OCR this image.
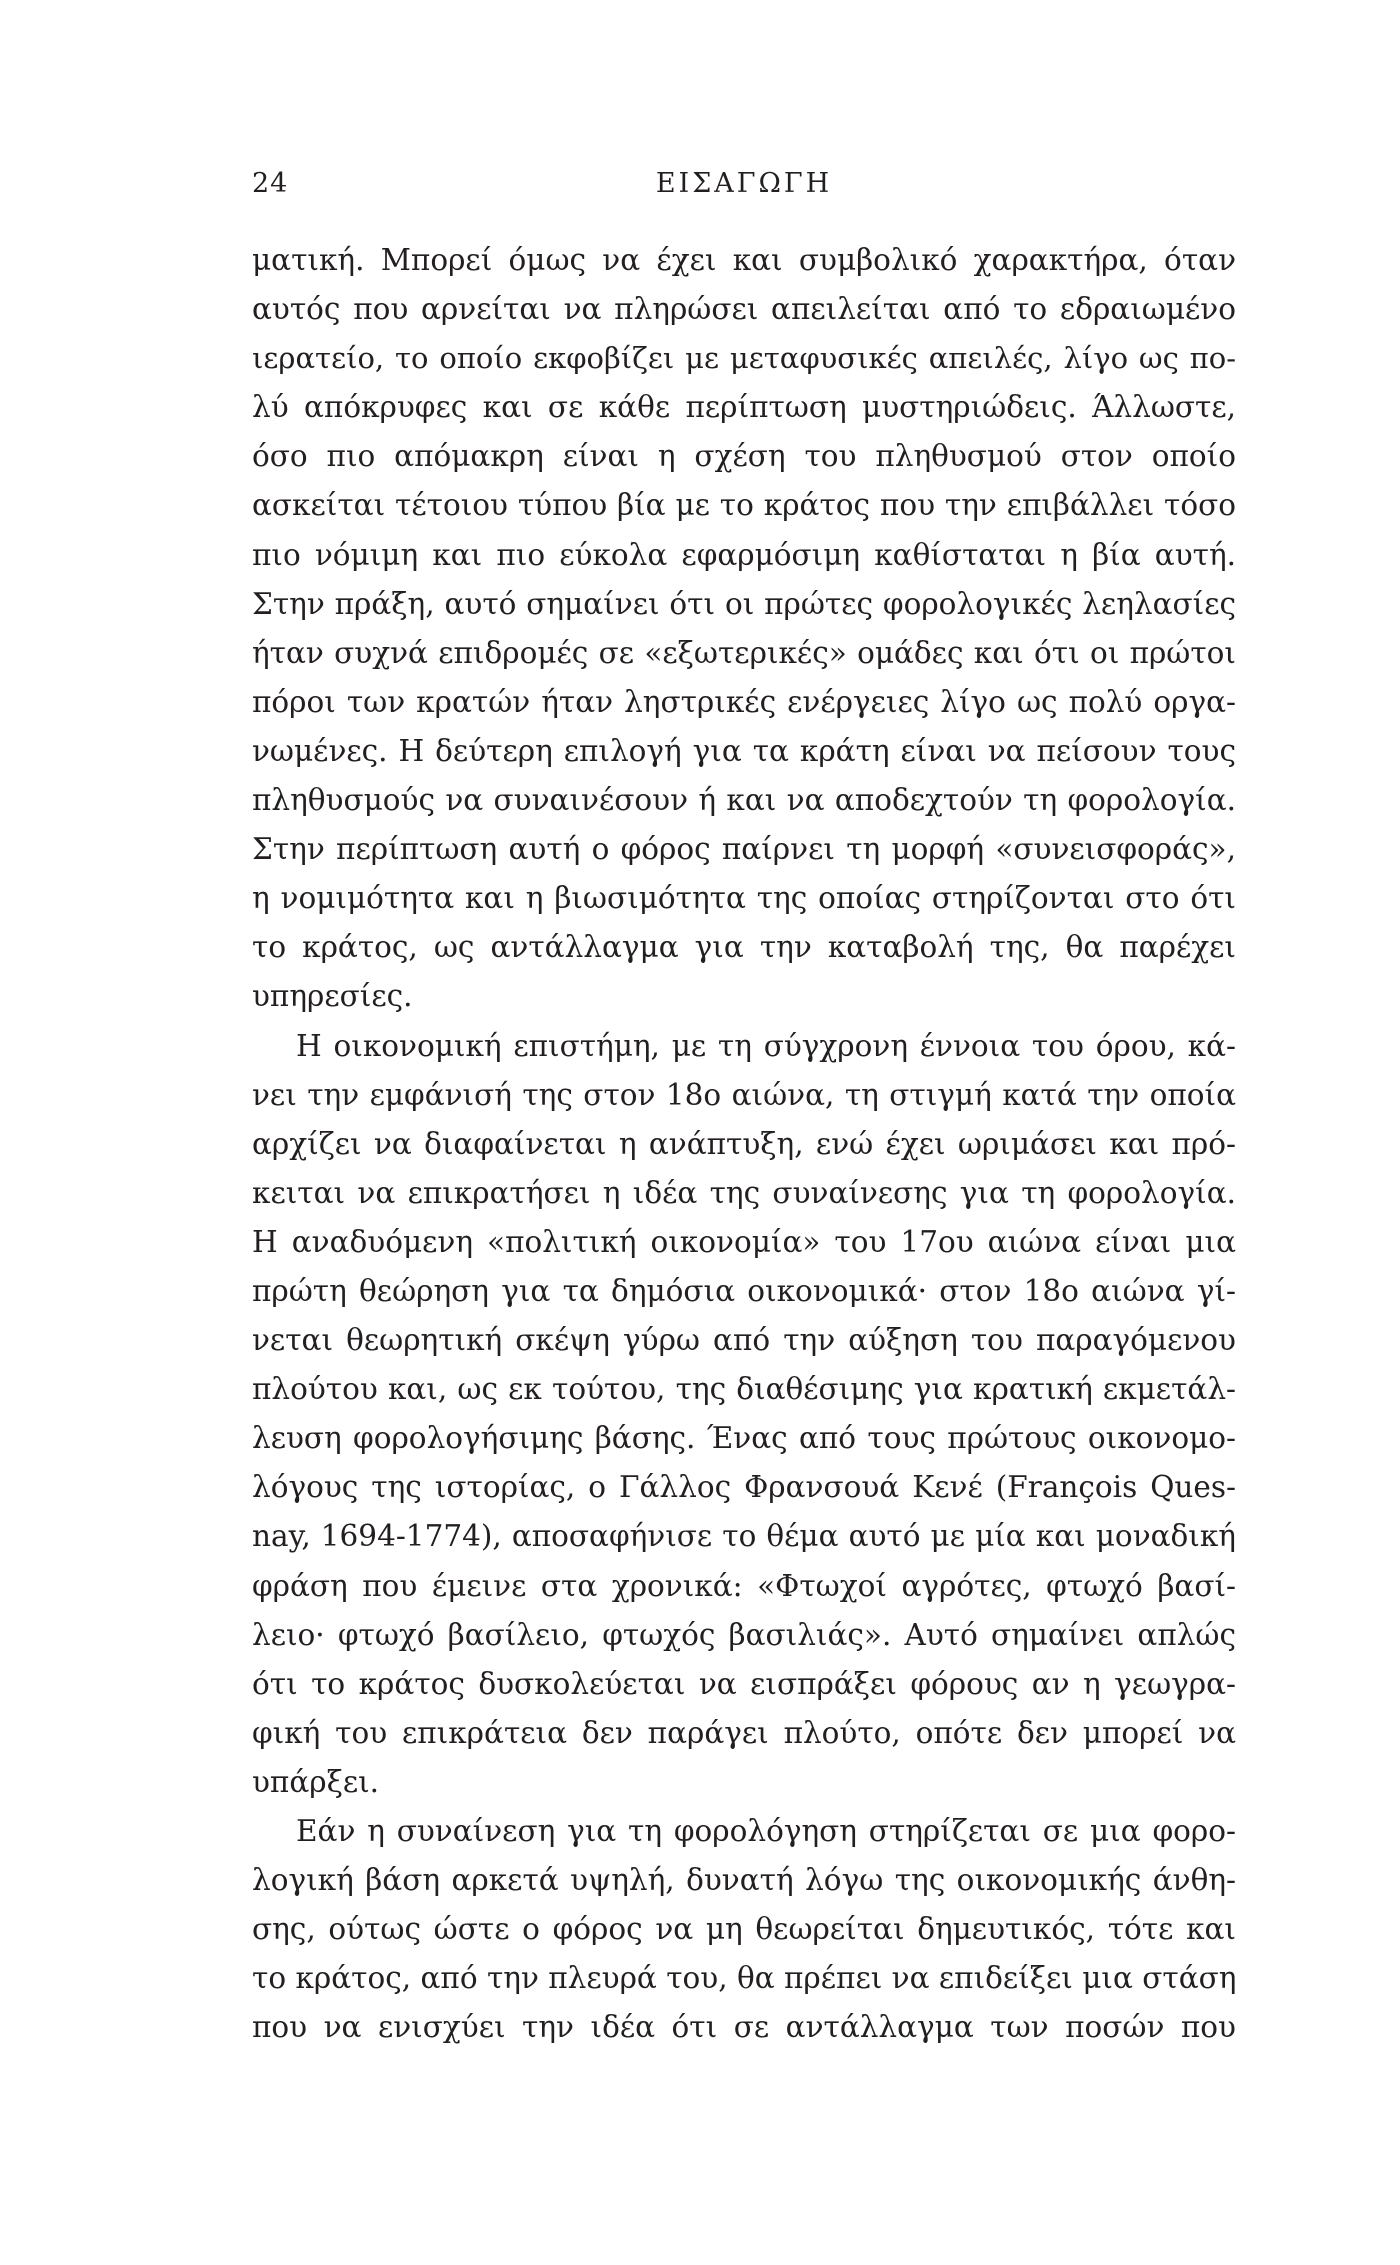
24	ΕΙΣΑΓΩΓΗ
ματική. Μπορεί όμως να έχει και συμβολικό χαρακτήρα, όταν
αυτός που αρνείται να πληρώσει απειλείται από το εδραιωμένο
ιερατείο, το οποίο εκφοβίζει με μεταφυσικές απειλές, λίγο ως πο-
λύ απόκρυφες και σε κάθε περίπτωση μυστηριώδεις. Άλλωστε,
όσο πιο απόμακρη είναι η σχέση του πληθυσμού στον οποίο
ασκείται τέτοιου τύπου βία με το κράτος που την επιβάλλει τόσο
πιο νόμιμη και πιο εύκολα εφαρμόσιμη καθίσταται η βία αυτή.
Στην πράξη, αυτό σημαίνει ότι οι πρώτες φορολογικές λεηλασίες
ήταν συχνά επιδρομές σε «εξωτερικές» ομάδες και ότι οι πρώτοι
πόροι των κρατών ήταν ληστρικές ενέργειες λίγο ως πολύ οργα-
νωμένες. Η δεύτερη επιλογή για τα κράτη είναι να πείσουν τους
πληθυσμούς να συναινέσουν ή και να αποδεχτούν τη φορολογία.
Στην περίπτωση αυτή ο φόρος παίρνει τη μορφή «συνεισφοράς»,
η νομιμότητα και η βιωσιμότητα της οποίας στηρίζονται στο ότι
το κράτος, ως αντάλλαγμα για την καταβολή της, θα παρέχει
υπηρεσίες.
Η οικονομική επιστήμη, με τη σύγχρονη έννοια του όρου, κά-
νει την εμφάνισή της στον 18ο αιώνα, τη στιγμή κατά την οποία
αρχίζει να διαφαίνεται η ανάπτυξη, ενώ έχει ωριμάσει και πρό-
κειται να επικρατήσει η ιδέα της συναίνεσης για τη φορολογία.
Η αναδυόμενη «πολιτική οικονομία» του 17ου αιώνα είναι μια
πρώτη θεώρηση για τα δημόσια οικονομικά· στον 18ο αιώνα γί-
νεται θεωρητική σκέψη γύρω από την αύξηση του παραγόμενου
πλούτου και, ως εκ τούτου, της διαθέσιμης για κρατική εκμετάλ-
λευση φορολογήσιμης βάσης. Ένας από τους πρώτους οικονομο-
λόγους της ιστορίας, ο Γάλλος Φρανσουά Κενέ (François Ques-
nay, 1694-1774), αποσαφήνισε το θέμα αυτό με μία και μοναδική
φράση που έμεινε στα χρονικά: «Φτωχοί αγρότες, φτωχό βασί-
λειο· φτωχό βασίλειο, φτωχός βασιλιάς». Αυτό σημαίνει απλώς
ότι το κράτος δυσκολεύεται να εισπράξει φόρους αν η γεωγρα-
φική του επικράτεια δεν παράγει πλούτο, οπότε δεν μπορεί να
υπάρξει.
Εάν η συναίνεση για τη φορολόγηση στηρίζεται σε μια φορο-
λογική βάση αρκετά υψηλή, δυνατή λόγω της οικονομικής άνθη-
σης, ούτως ώστε ο φόρος να μη θεωρείται δημευτικός, τότε και
το κράτος, από την πλευρά του, θα πρέπει να επιδείξει μια στάση
που να ενισχύει την ιδέα ότι σε αντάλλαγμα των ποσών που
